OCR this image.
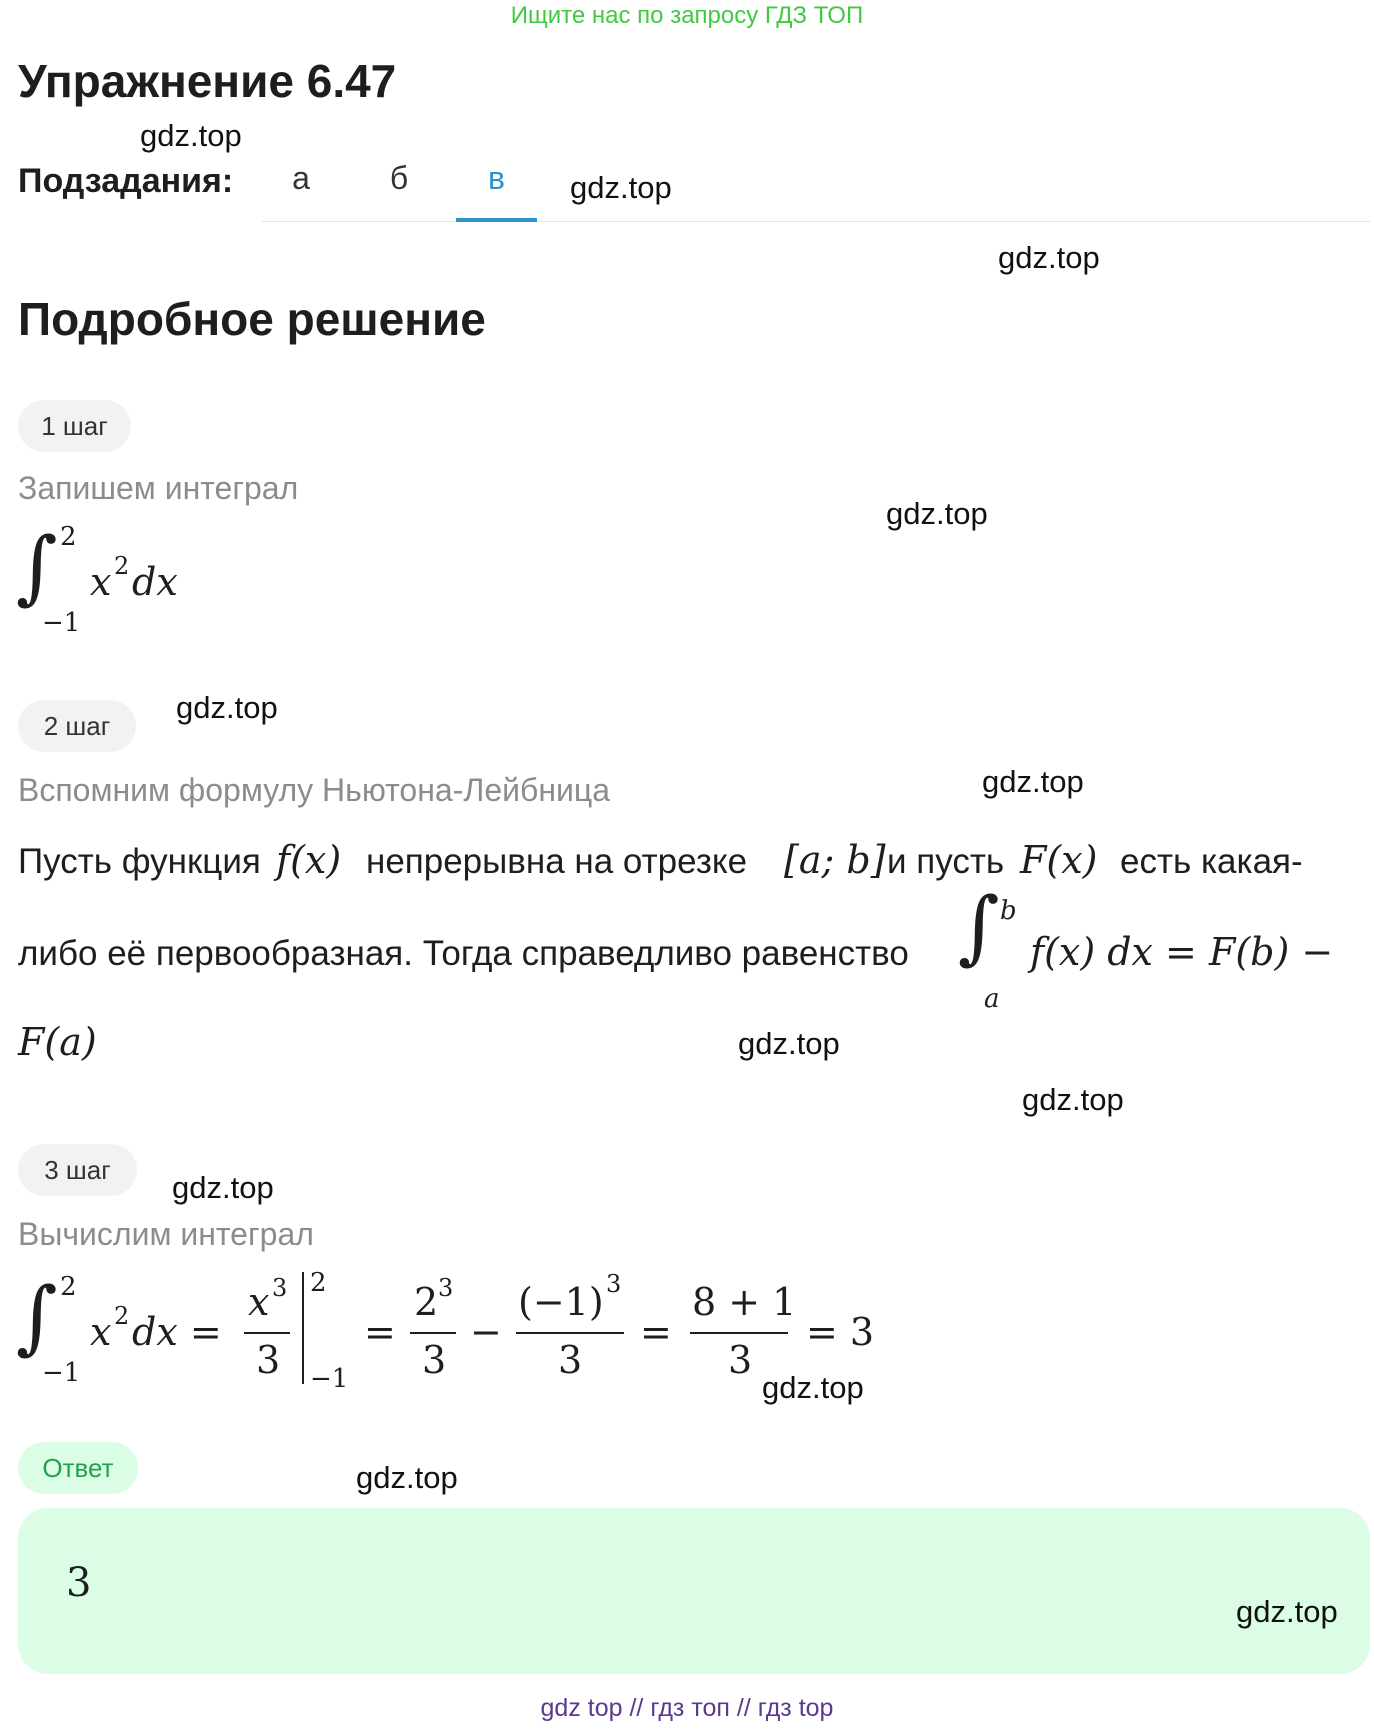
Ищите нас по запросу ГДЗ ТОП
Упражнение 6.47
gdz.top
Подзадания:	а	б	в	gdz.top
gdz.top
Подробное решение
1 шаг
Запишем интеграл
gdz.top
∫ 2
−1
x 2 dx
2 шаг
gdz.top
Вспомним формулу Ньютона-Лейбница	gdz.top
Пусть функция f(x) непрерывна на отрезке [a; b] и пусть F(x) есть какая-
либо её первообразная. Тогда справедливо равенство ∫ b
a
f(x) dx = F(b) −
F(a)	gdz.top
gdz.top
3 шаг	gdz.top
Вычислим интеграл
∫ 2
−1
x 2 dx =
x 3
3
2
−1
=
2 3
3
−
(−1) 3
3
=
8 + 1
3
= 3
gdz.top
Ответ	gdz.top
3
gdz.top
gdz top // гдз топ // гдз top
